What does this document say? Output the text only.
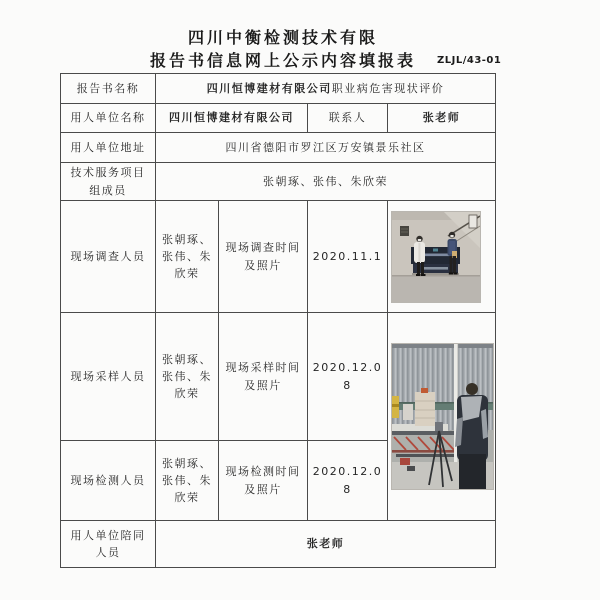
四川中衡检测技术有限
报告书信息网上公示内容填报表	ZLJL/43-01
报告书名称	四川恒博建材有限公司职业病危害现状评价			
用人单位名称	四川恒博建材有限公司		联系人	张老师
用人单位地址	四川省德阳市罗江区万安镇景乐社区			
技术服务项目组成员	张朝琢、张伟、朱欣荣			
现场调查人员	张朝琢、张伟、朱欣荣	现场调查时间及照片	2020.11.1	

现场采样人员	张朝琢、张伟、朱欣荣	现场采样时间及照片	2020.12.08	

现场检测人员	张朝琢、张伟、朱欣荣	现场检测时间及照片	2020.12.08	
用人单位陪同人员	张老师			
